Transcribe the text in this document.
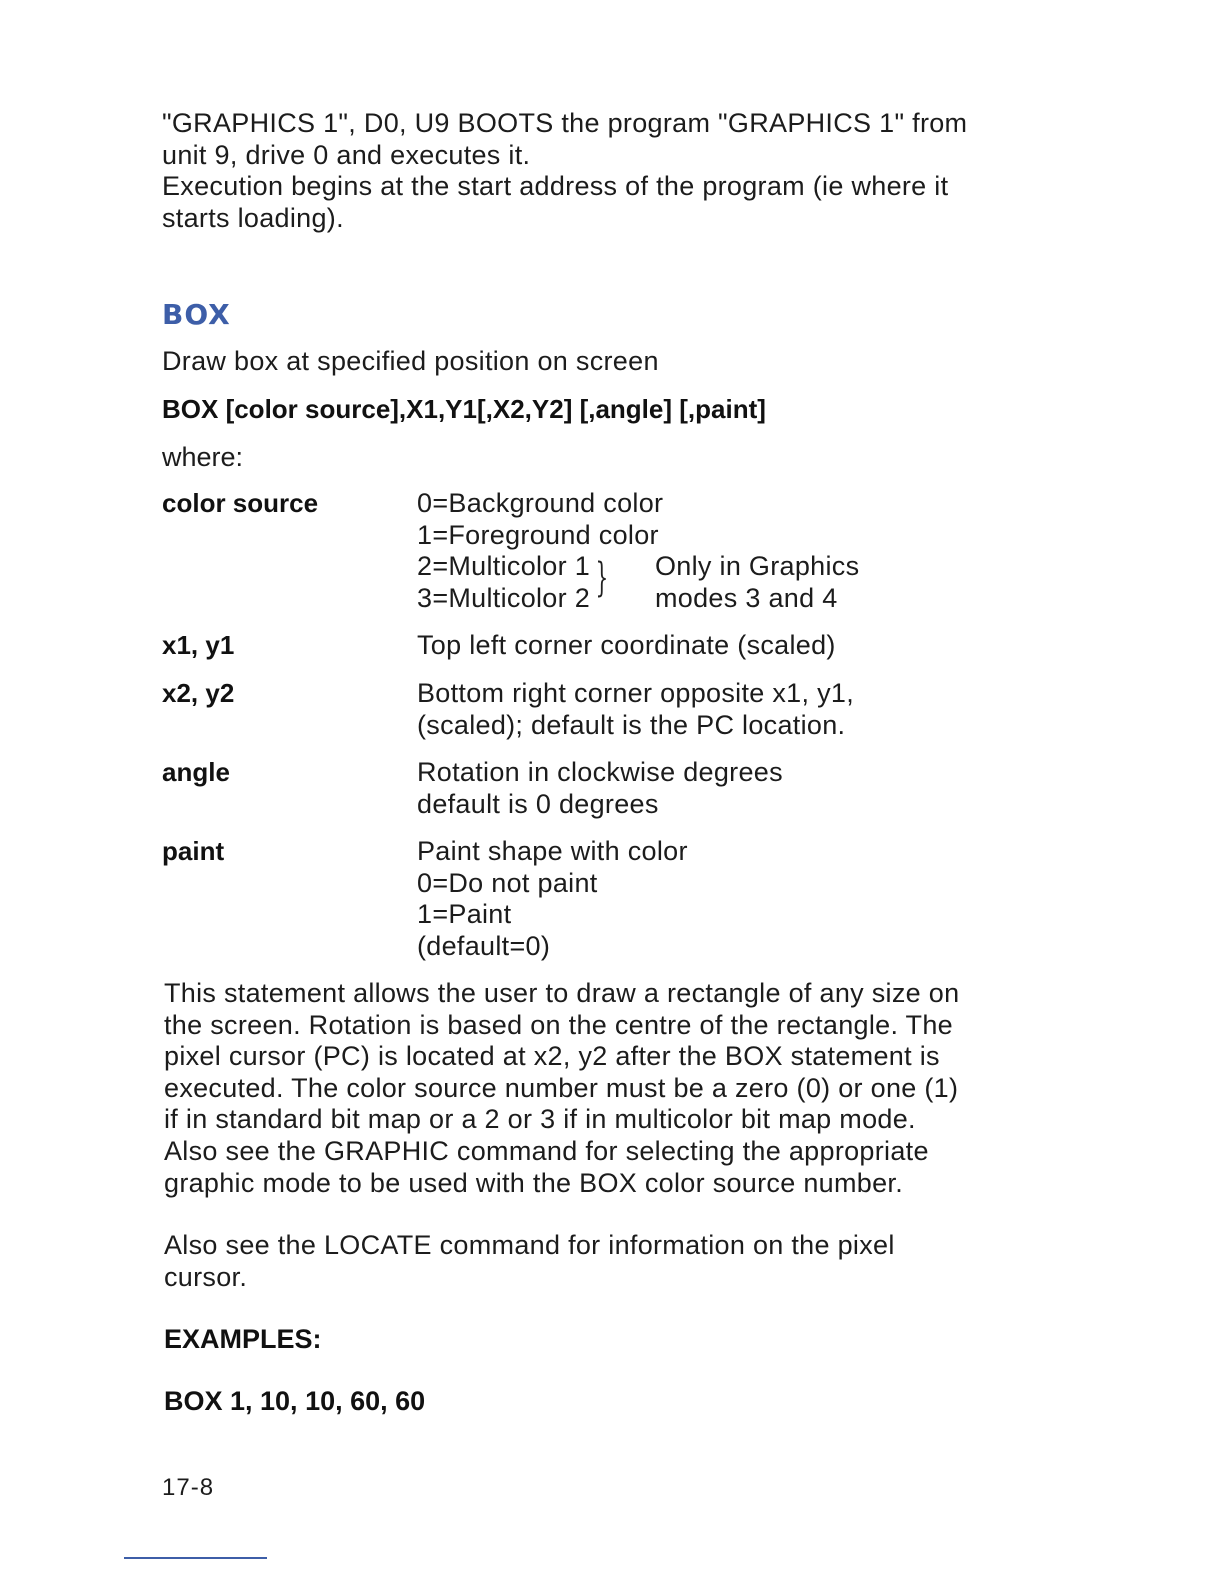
"GRAPHICS 1", D0, U9 BOOTS the program "GRAPHICS 1" from
unit 9, drive 0 and executes it.
Execution begins at the start address of the program (ie where it
starts loading).
BOX
Draw box at specified position on screen
BOX [color source],X1,Y1[,X2,Y2] [,angle] [,paint]
where:
color source	0=Background color
1=Foreground color
2=Multicolor 1 Only in Graphics
3=Multicolor 2 modes 3 and 4
}
x1, y1	Top left corner coordinate (scaled)
x2, y2	Bottom right corner opposite x1, y1,
(scaled); default is the PC location.
angle	Rotation in clockwise degrees
default is 0 degrees
paint	Paint shape with color
0=Do not paint
1=Paint
(default=0)
This statement allows the user to draw a rectangle of any size on
the screen. Rotation is based on the centre of the rectangle. The
pixel cursor (PC) is located at x2, y2 after the BOX statement is
executed. The color source number must be a zero (0) or one (1)
if in standard bit map or a 2 or 3 if in multicolor bit map mode.
Also see the GRAPHIC command for selecting the appropriate
graphic mode to be used with the BOX color source number.
Also see the LOCATE command for information on the pixel
cursor.
EXAMPLES:
BOX 1, 10, 10, 60, 60
17-8
